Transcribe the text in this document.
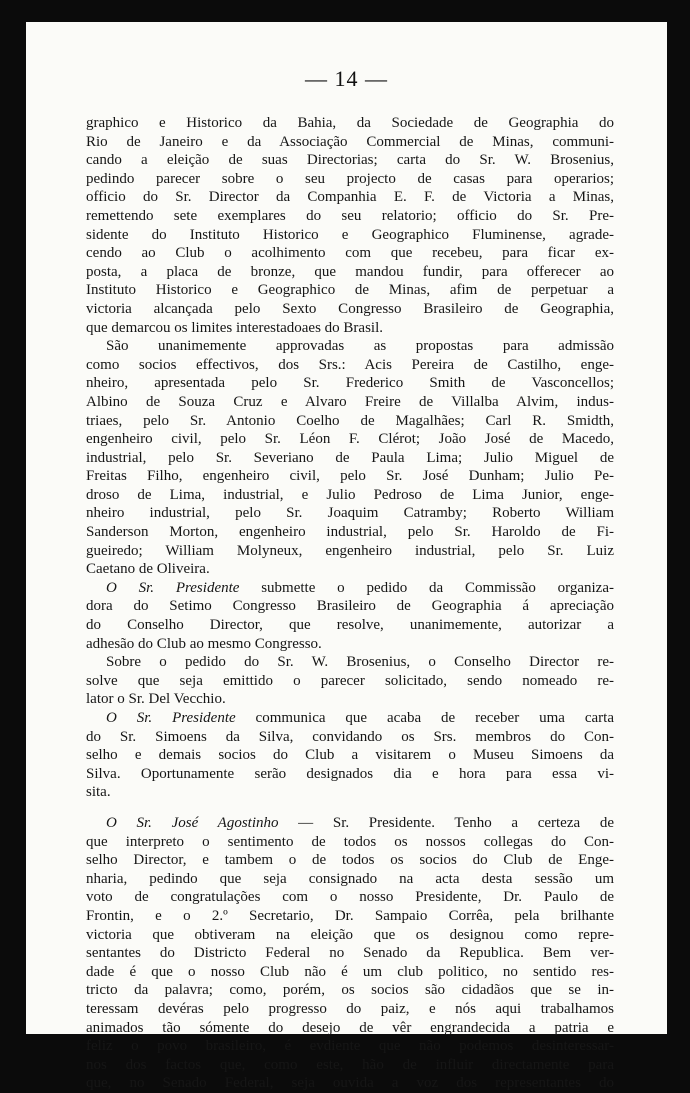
— 14 —
graphico e Historico da Bahia, da Sociedade de Geographia do
Rio de Janeiro e da Associação Commercial de Minas, communi-
cando a eleição de suas Directorias; carta do Sr. W. Brosenius,
pedindo parecer sobre o seu projecto de casas para operarios;
officio do Sr. Director da Companhia E. F. de Victoria a Minas,
remettendo sete exemplares do seu relatorio; officio do Sr. Pre-
sidente do Instituto Historico e Geographico Fluminense, agrade-
cendo ao Club o acolhimento com que recebeu, para ficar ex-
posta, a placa de bronze, que mandou fundir, para offerecer ao
Instituto Historico e Geographico de Minas, afim de perpetuar a
victoria alcançada pelo Sexto Congresso Brasileiro de Geographia,
que demarcou os limites interestadoaes do Brasil.
São unanimemente approvadas as propostas para admissão
como socios effectivos, dos Srs.: Acis Pereira de Castilho, enge-
nheiro, apresentada pelo Sr. Frederico Smith de Vasconcellos;
Albino de Souza Cruz e Alvaro Freire de Villalba Alvim, indus-
triaes, pelo Sr. Antonio Coelho de Magalhães; Carl R. Smidth,
engenheiro civil, pelo Sr. Léon F. Clérot; João José de Macedo,
industrial, pelo Sr. Severiano de Paula Lima; Julio Miguel de
Freitas Filho, engenheiro civil, pelo Sr. José Dunham; Julio Pe-
droso de Lima, industrial, e Julio Pedroso de Lima Junior, enge-
nheiro industrial, pelo Sr. Joaquim Catramby; Roberto William
Sanderson Morton, engenheiro industrial, pelo Sr. Haroldo de Fi-
gueiredo; William Molyneux, engenheiro industrial, pelo Sr. Luiz
Caetano de Oliveira.
O Sr. Presidente submette o pedido da Commissão organiza-
dora do Setimo Congresso Brasileiro de Geographia á apreciação
do Conselho Director, que resolve, unanimemente, autorizar a
adhesão do Club ao mesmo Congresso.
Sobre o pedido do Sr. W. Brosenius, o Conselho Director re-
solve que seja emittido o parecer solicitado, sendo nomeado re-
lator o Sr. Del Vecchio.
O Sr. Presidente communica que acaba de receber uma carta
do Sr. Simoens da Silva, convidando os Srs. membros do Con-
selho e demais socios do Club a visitarem o Museu Simoens da
Silva. Oportunamente serão designados dia e hora para essa vi-
sita.
O Sr. José Agostinho — Sr. Presidente. Tenho a certeza de
que interpreto o sentimento de todos os nossos collegas do Con-
selho Director, e tambem o de todos os socios do Club de Enge-
nharia, pedindo que seja consignado na acta desta sessão um
voto de congratulações com o nosso Presidente, Dr. Paulo de
Frontin, e o 2.º Secretario, Dr. Sampaio Corrêa, pela brilhante
victoria que obtiveram na eleição que os designou como repre-
sentantes do Districto Federal no Senado da Republica. Bem ver-
dade é que o nosso Club não é um club politico, no sentido res-
tricto da palavra; como, porém, os socios são cidadãos que se in-
teressam devéras pelo progresso do paiz, e nós aqui trabalhamos
animados tão sómente do desejo de vêr engrandecida a patria e
feliz o povo brasileiro, é evdiente que não podemos desinteressar-
nos dos factos que, como este, hão de influir directamente para
que, no Senado Federal, seja ouvida a voz dos representantes do
